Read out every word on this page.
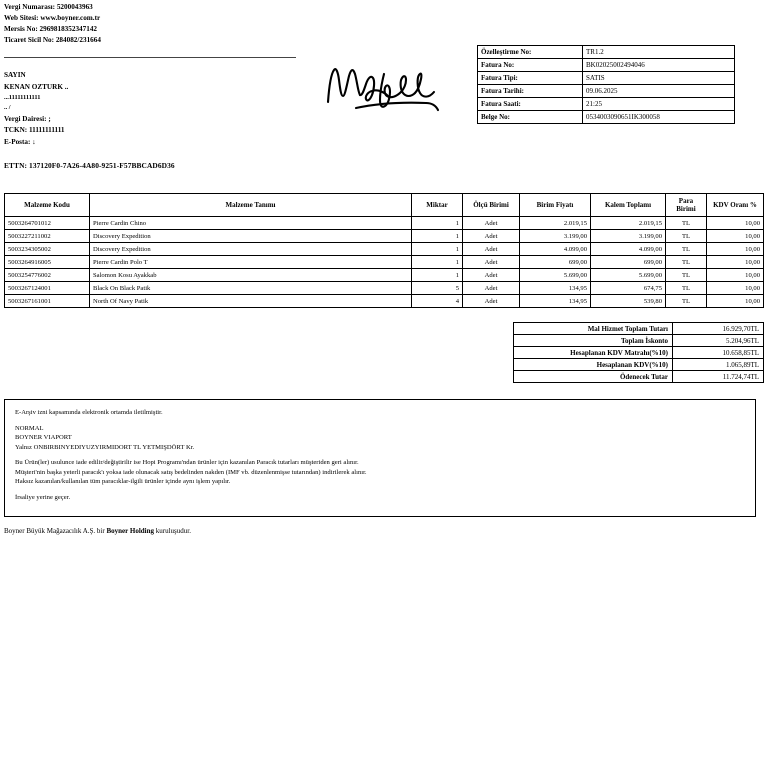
Vergi Numarası: 5200043963
Web Sitesi: www.boyner.com.tr
Mersis No: 2969818352347142
Ticaret Sicil No: 284082/231664
SAYIN
KENAN OZTURK ..
...11111111111
.. /
Vergi Dairesi: ;
TCKN: 11111111111
E-Posta: ↓
Özelleştirme No:	TR1.2
Fatura No:	BK02025002494046
Fatura Tipi:	SATIS
Fatura Tarihi:	09.06.2025
Fatura Saati:	21:25
Belge No:	0534003090651IK300058
ETTN: 137120F0-7A26-4A80-9251-F57BBCAD6D36
Malzeme Kodu	Malzeme Tanımı	Miktar	Ölçü Birimi	Birim Fiyatı	Kalem Toplamı	Para Birimi	KDV Oranı %
5003264701012	Pierre Cardin Chino	1	Adet	2.019,15	2.019,15	TL	10,00
5003227211002	Discovery Expedition	1	Adet	3.199,00	3.199,00	TL	10,00
5003234305002	Discovery Expedition	1	Adet	4.099,00	4.099,00	TL	10,00
5003264916005	Pierre Cardin Polo T	1	Adet	699,00	699,00	TL	10,00
5003254776002	Salomon Kosu Ayakkab	1	Adet	5.699,00	5.699,00	TL	10,00
5003267124001	Black On Black Patik	5	Adet	134,95	674,75	TL	10,00
5003267161001	North Of Navy Patik	4	Adet	134,95	539,80	TL	10,00
Mal Hizmet Toplam Tutarı	16.929,70TL
Toplam İskonto	5.204,96TL
Hesaplanan KDV Matrahı(%10)	10.658,85TL
Hesaplanan KDV(%10)	1.065,89TL
Ödenecek Tutar	11.724,74TL
E-Arşiv izni kapsamında elektronik ortamda iletilmiştir.
NORMAL
BOYNER VIAPORT
Yalnız ONBIRBINYEDIYUZYIRMIDORT TL YETMIŞDÖRT Kr.
Bu Ürün(ler) usulunce iade edilir/değiştirilir ise Hopi Programı'ndan ürünler için kazanılan Paracık tutarları müşteriden geri alınır.
Müşteri'nin başka yeterli paracık'ı yoksa iade olunacak satış bedelinden nakden (IMF vb. düzenlenmişse tutarından) indirilerek alınır.
Haksız kazanılan/kullanılan tüm paracıklar-ilgili ürünler içinde aynı işlem yapılır.
İrsaliye yerine geçer.
Boyner Büyük Mağazacılık A.Ş. bir Boyner Holding kuruluşudur.
